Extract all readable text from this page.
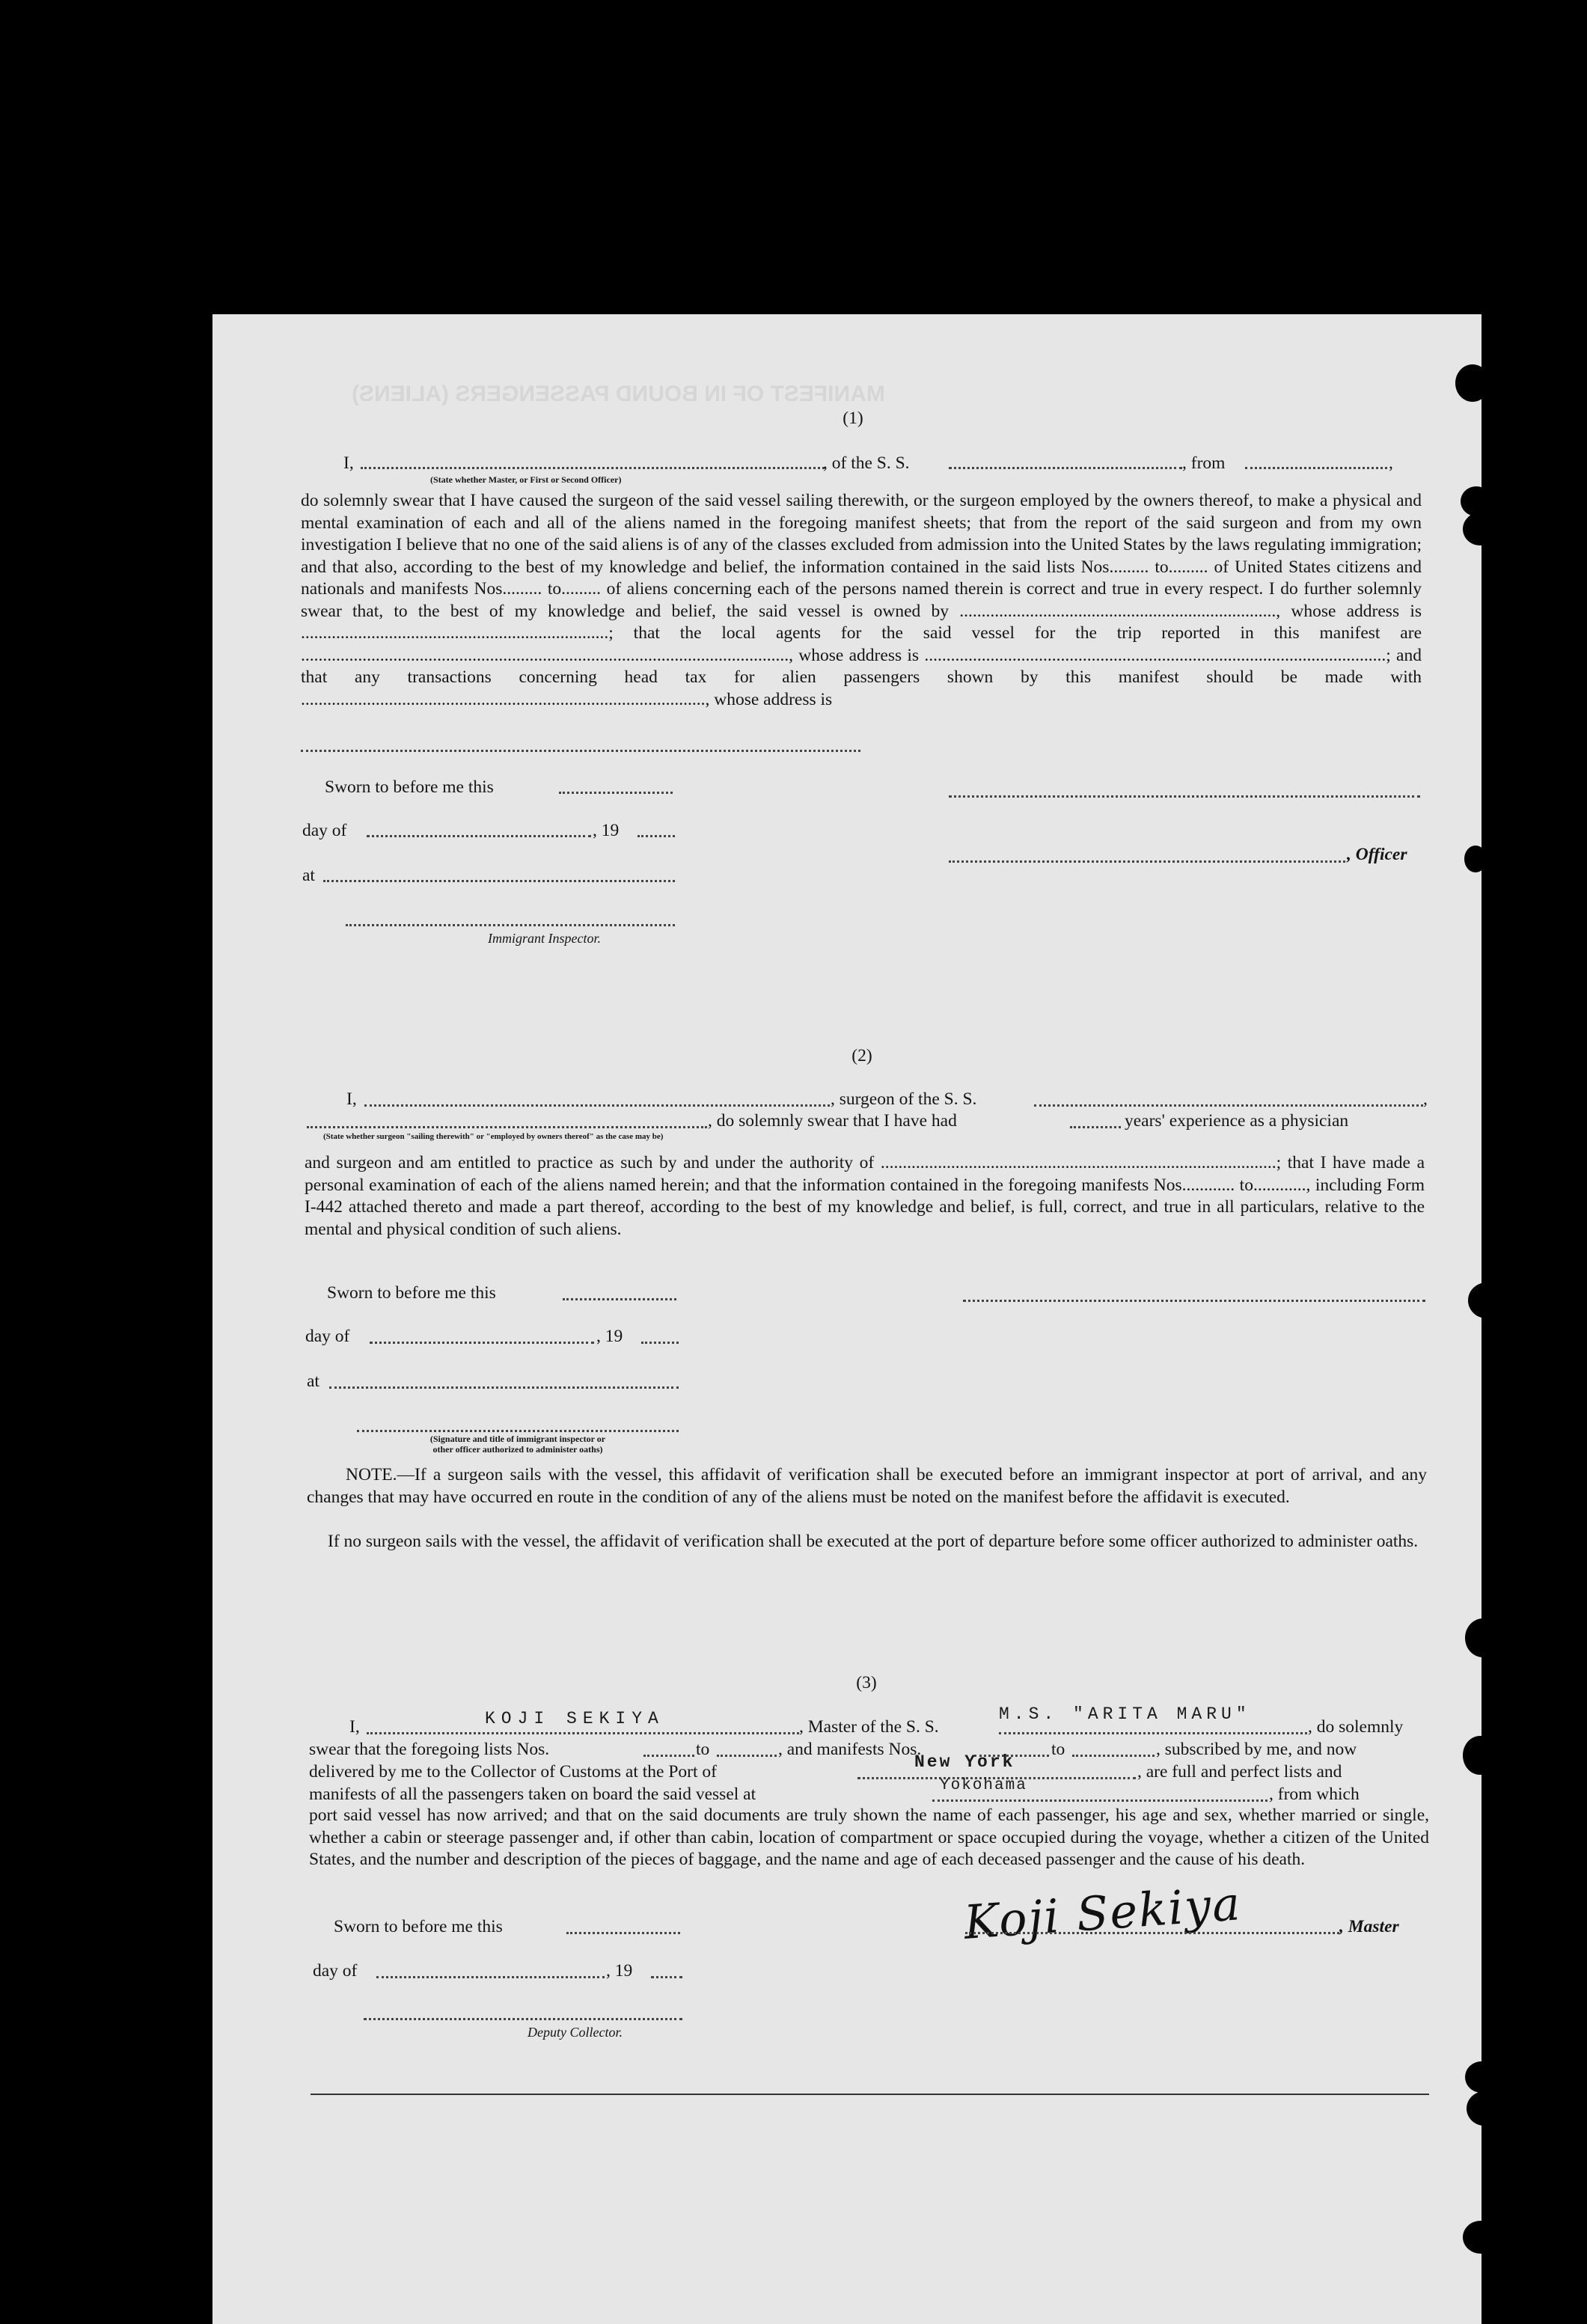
MANIFEST OF IN BOUND PASSENGERS (ALIENS)
(1)
I,	, of the S. S.	, from	,
(State whether Master, or First or Second Officer)
do solemnly swear that I have caused the surgeon of the said vessel sailing therewith, or the surgeon employed by the owners thereof, to make a physical and mental examination of each and all of the aliens named in the foregoing manifest sheets; that from the report of the said surgeon and from my own investigation I believe that no one of the said aliens is of any of the classes excluded from admission into the United States by the laws regulating immigration; and that also, according to the best of my knowledge and belief, the information contained in the said lists Nos......... to......... of United States citizens and nationals and manifests Nos......... to......... of aliens concerning each of the persons named therein is correct and true in every respect. I do further solemnly swear that, to the best of my knowledge and belief, the said vessel is owned by ........................................................................, whose address is ......................................................................; that the local agents for the said vessel for the trip reported in this manifest are ..............................................................................................................., whose address is .........................................................................................................; and that any transactions concerning head tax for alien passengers shown by this manifest should be made with ............................................................................................, whose address is
Sworn to before me this
day of	, 19
, Officer
at
Immigrant Inspector.
(2)
I,	, surgeon of the S. S.	,
, do solemnly swear that I have had	years' experience as a physician
(State whether surgeon "sailing therewith" or "employed by owners thereof" as the case may be)
and surgeon and am entitled to practice as such by and under the authority of ..........................................................................................; that I have made a personal examination of each of the aliens named herein; and that the information contained in the foregoing manifests Nos............ to............, including Form I-442 attached thereto and made a part thereof, according to the best of my knowledge and belief, is full, correct, and true in all particulars, relative to the mental and physical condition of such aliens.
Sworn to before me this
day of	, 19
at
(Signature and title of immigrant inspector or
other officer authorized to administer oaths)
NOTE.—If a surgeon sails with the vessel, this affidavit of verification shall be executed before an immigrant inspector at port of arrival, and any changes that may have occurred en route in the condition of any of the aliens must be noted on the manifest before the affidavit is executed.
If no surgeon sails with the vessel, the affidavit of verification shall be executed at the port of departure before some officer authorized to administer oaths.
(3)
I,	KOJI SEKIYA	, Master of the S. S.
M.S. "ARITA MARU"
, do solemnly
swear that the foregoing lists Nos.	to	, and manifests Nos.	to	, subscribed by me, and now
delivered by me to the Collector of Customs at the Port of	New York	, are full and perfect lists and
manifests of all the passengers taken on board the said vessel at	Yokohama	, from which
port said vessel has now arrived; and that on the said documents are truly shown the name of each passenger, his age and sex, whether married or single, whether a cabin or steerage passenger and, if other than cabin, location of compartment or space occupied during the voyage, whether a citizen of the United States, and the number and description of the pieces of baggage, and the name and age of each deceased passenger and the cause of his death.
Sworn to before me this	Koji Sekiya	, Master
day of	, 19
Deputy Collector.
